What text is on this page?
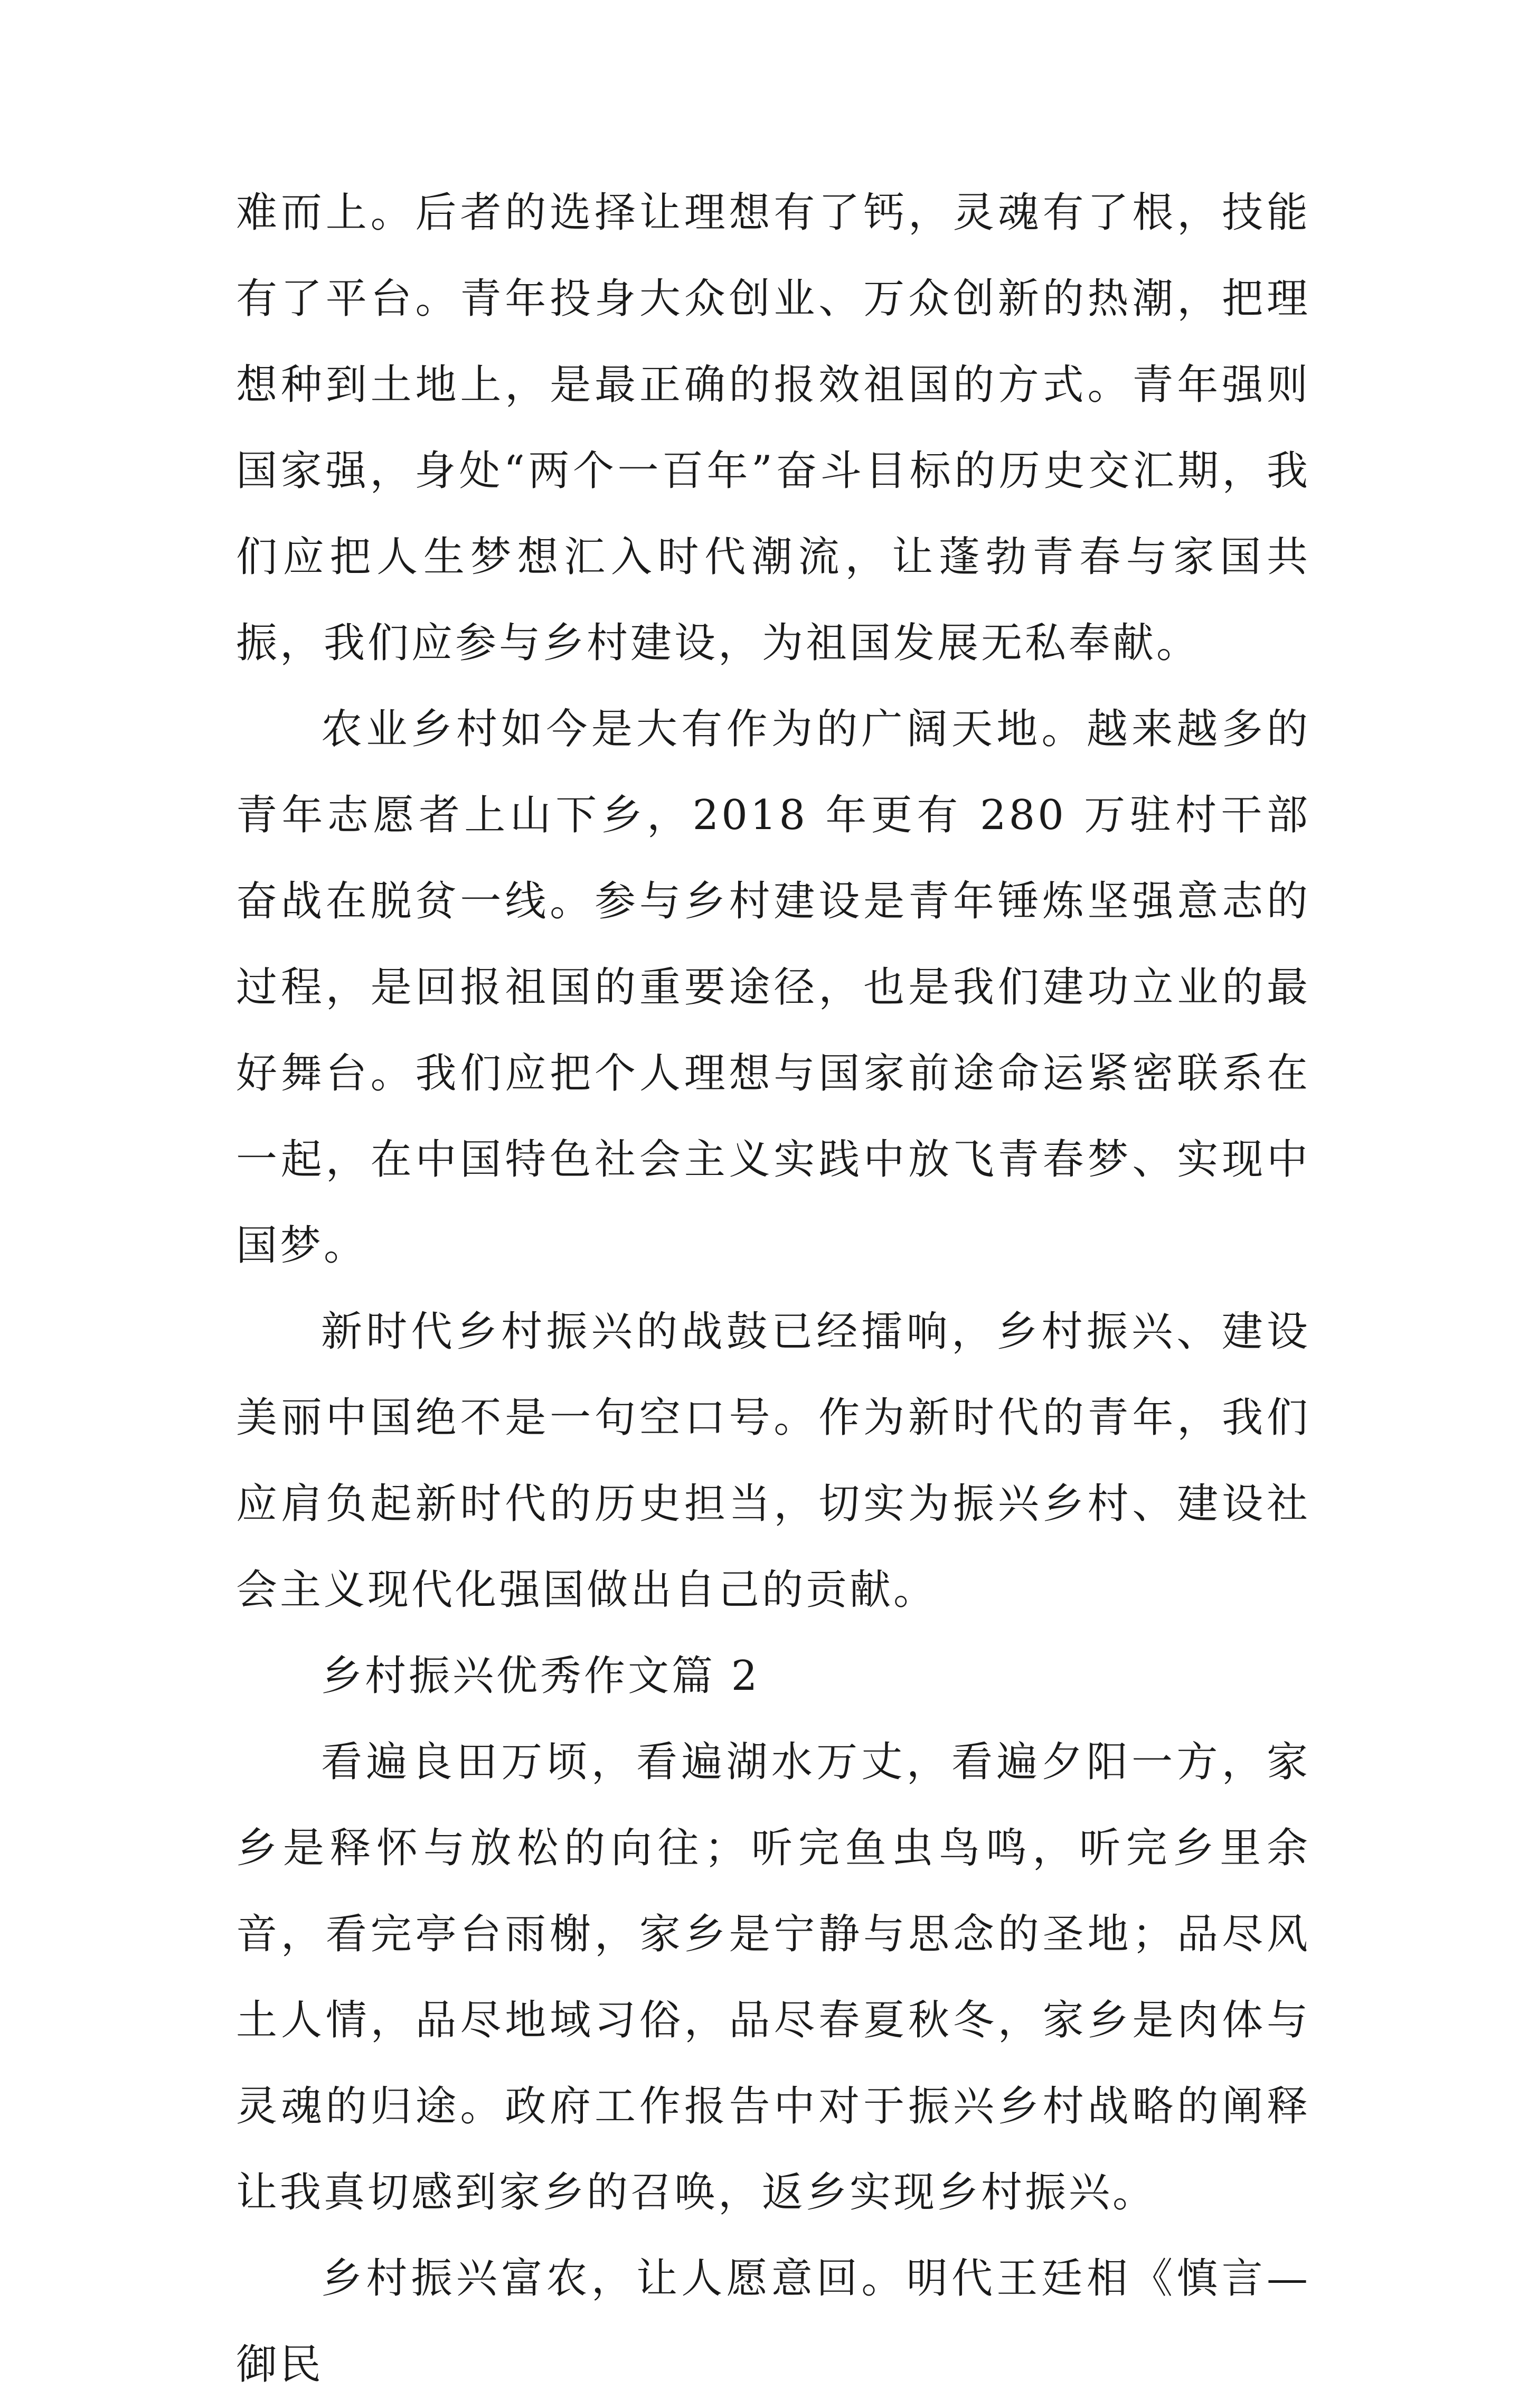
难而上。后者的选择让理想有了钙，灵魂有了根，技能有了平台。青年投身大众创业、万众创新的热潮，把理想种到土地上，是最正确的报效祖国的方式。青年强则国家强，身处“两个一百年”奋斗目标的历史交汇期，我们应把人生梦想汇入时代潮流，让蓬勃青春与家国共振，我们应参与乡村建设，为祖国发展无私奉献。

农业乡村如今是大有作为的广阔天地。越来越多的青年志愿者上山下乡，2018 年更有 280 万驻村干部奋战在脱贫一线。参与乡村建设是青年锤炼坚强意志的过程，是回报祖国的重要途径，也是我们建功立业的最好舞台。我们应把个人理想与国家前途命运紧密联系在一起，在中国特色社会主义实践中放飞青春梦、实现中国梦。

新时代乡村振兴的战鼓已经擂响，乡村振兴、建设美丽中国绝不是一句空口号。作为新时代的青年，我们应肩负起新时代的历史担当，切实为振兴乡村、建设社会主义现代化强国做出自己的贡献。

乡村振兴优秀作文篇 2

看遍良田万顷，看遍湖水万丈，看遍夕阳一方，家乡是释怀与放松的向往；听完鱼虫鸟鸣，听完乡里余音，看完亭台雨榭，家乡是宁静与思念的圣地；品尽风土人情，品尽地域习俗，品尽春夏秋冬，家乡是肉体与灵魂的归途。政府工作报告中对于振兴乡村战略的阐释让我真切感到家乡的召唤，返乡实现乡村振兴。

乡村振兴富农，让人愿意回。明代王廷相《慎言—御民
